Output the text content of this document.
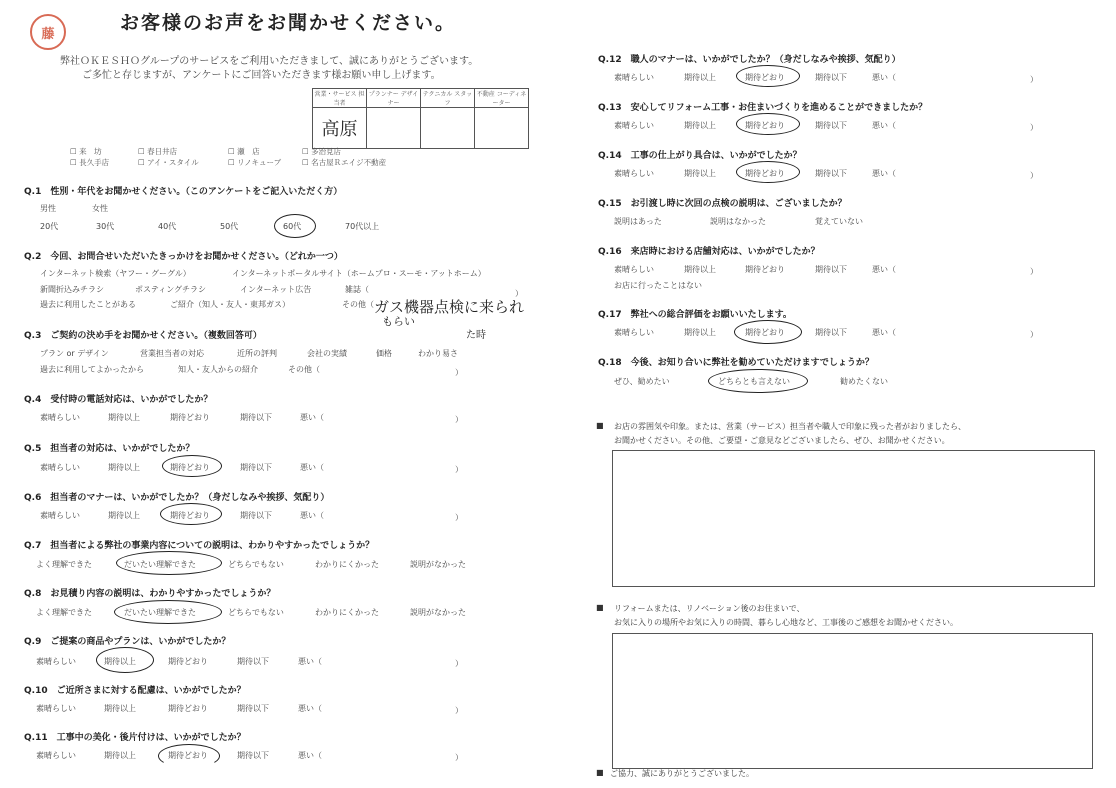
藤	お客様のお声をお聞かせください。
弊社ＯＫＥＳＨＯグループのサービスをご利用いただきまして、誠にありがとうございます。
ご多忙と存じますが、アンケートにご回答いただきます様お願い申し上げます。
営業・サービス 担当者	プランナー デザイナー	テクニカル スタッフ	不動産 コーディネーター
高原			
☐ 来　坊	☐ 春日井店	☐ 瀬　店	☐ 多治見店
☐ 長久手店	☐ アイ・スタイル	☐ リノキューブ	☐ 名古屋Ｒエイジ不動産
Q.1　性別・年代をお聞かせください。（このアンケートをご記入いただく方）
男性	女性
20代	30代	40代	50代	60代	70代以上
Q.2　今回、お問合せいただいたきっかけをお聞かせください。（どれか一つ）
インターネット検索（ヤフー・グーグル）	インターネットポータルサイト（ホームプロ・スーモ・アットホーム）
新聞折込みチラシ	ポスティングチラシ	インターネット広告	雑誌（	）
過去に利用したことがある	ご紹介（知人・友人・東邦ガス）	その他（ ガス機器点検に来られ
た時
もらい
Q.3　ご契約の決め手をお聞かせください。（複数回答可）
プラン or デザイン	営業担当者の対応	近所の評判	会社の実績	価格	わかり易さ
過去に利用してよかったから	知人・友人からの紹介	その他（	）
Q.4　受付時の電話対応は、いかがでしたか？
素晴らしい	期待以上	期待どおり	期待以下	悪い（	）
Q.5　担当者の対応は、いかがでしたか？
素晴らしい	期待以上	期待どおり	期待以下	悪い（	）
Q.6　担当者のマナーは、いかがでしたか？（身だしなみや挨拶、気配り）
素晴らしい	期待以上	期待どおり	期待以下	悪い（	）
Q.7　担当者による弊社の事業内容についての説明は、わかりやすかったでしょうか？
よく理解できた	だいたい理解できた	どちらでもない	わかりにくかった	説明がなかった
Q.8　お見積り内容の説明は、わかりやすかったでしょうか？
よく理解できた	だいたい理解できた	どちらでもない	わかりにくかった	説明がなかった
Q.9　ご提案の商品やプランは、いかがでしたか？
素晴らしい	期待以上	期待どおり	期待以下	悪い（	）
Q.10　ご近所さまに対する配慮は、いかがでしたか？
素晴らしい	期待以上	期待どおり	期待以下	悪い（	）
Q.11　工事中の美化・後片付けは、いかがでしたか？
素晴らしい	期待以上	期待どおり	期待以下	悪い（	）
Q.12　職人のマナーは、いかがでしたか？（身だしなみや挨拶、気配り）
素晴らしい	期待以上	期待どおり	期待以下	悪い（	）
Q.13　安心してリフォーム工事・お住まいづくりを進めることができましたか？
素晴らしい	期待以上	期待どおり	期待以下	悪い（	）
Q.14　工事の仕上がり具合は、いかがでしたか？
素晴らしい	期待以上	期待どおり	期待以下	悪い（	）
Q.15　お引渡し時に次回の点検の説明は、ございましたか？
説明はあった	説明はなかった	覚えていない
Q.16　来店時における店舗対応は、いかがでしたか？
素晴らしい	期待以上	期待どおり	期待以下	悪い（	）
お店に行ったことはない
Q.17　弊社への総合評価をお願いいたします。
素晴らしい	期待以上	期待どおり	期待以下	悪い（	）
Q.18　今後、お知り合いに弊社を勧めていただけますでしょうか？
ぜひ、勧めたい	どちらとも言えない	勧めたくない
■ お店の雰囲気や印象。または、営業（サービス）担当者や職人で印象に残った者がおりましたら、
お聞かせください。その他、ご要望・ご意見などございましたら、ぜひ、お聞かせください。
■ リフォームまたは、リノベーション後のお住まいで、
お気に入りの場所やお気に入りの時間、暮らし心地など、工事後のご感想をお聞かせください。
■ ご協力、誠にありがとうございました。
